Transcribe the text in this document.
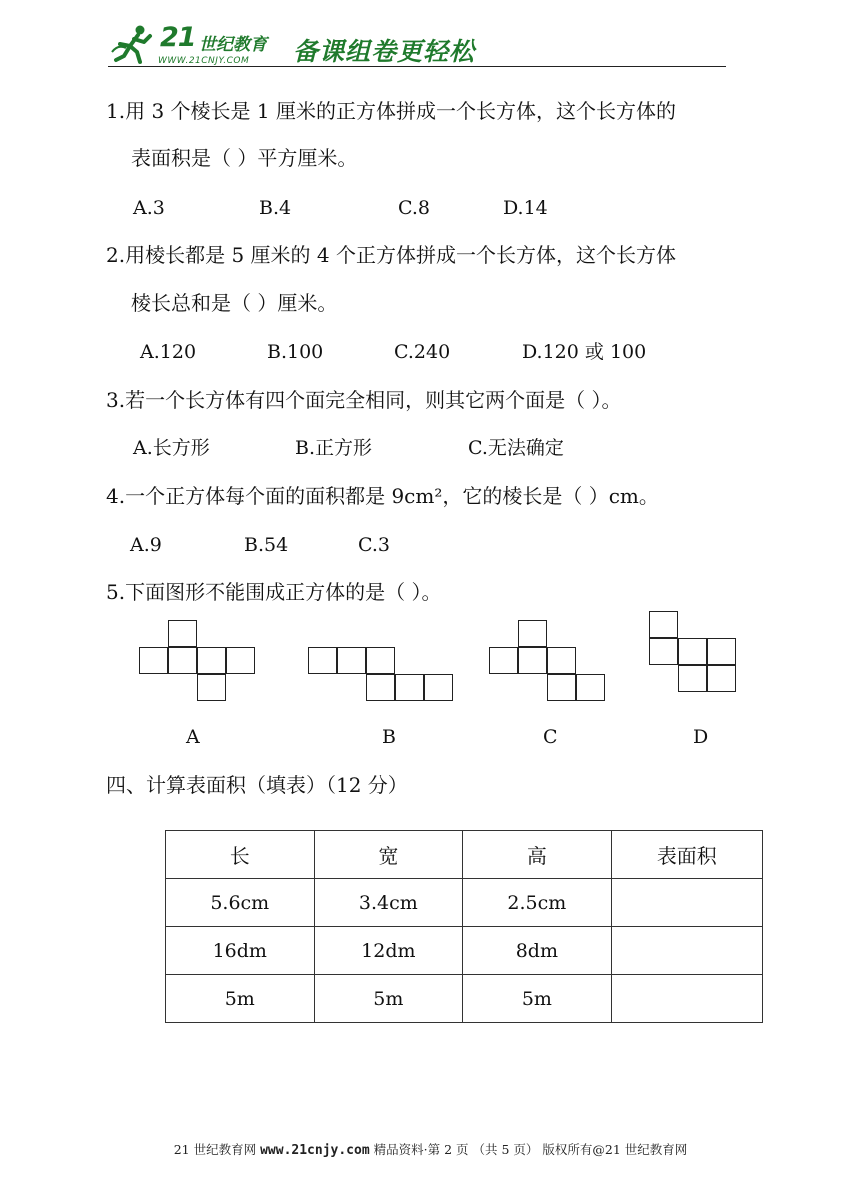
21 世纪教育
WWW.21CNJY.COM 备课组卷更轻松
1.用 3 个棱长是 1 厘米的正方体拼成一个长方体，这个长方体的
表面积是（ ）平方厘米。
A.3	B.4	C.8	D.14
2.用棱长都是 5 厘米的 4 个正方体拼成一个长方体，这个长方体
棱长总和是（ ）厘米。
A.120	B.100	C.240	D.120 或 100
3.若一个长方体有四个面完全相同，则其它两个面是（ ）。
A.长方形	B.正方形	C.无法确定
4.一个正方体每个面的面积都是 9cm²，它的棱长是（ ）cm。
A.9	B.54	C.3
5.下面图形不能围成正方体的是（ ）。
A	B	C	D
四、计算表面积（填表）（12 分）
长	宽	高	表面积
5.6cm	3.4cm	2.5cm	
16dm	12dm	8dm	
5m	5m	5m	
21 世纪教育网 www.21cnjy.com 精品资料·第 2 页 （共 5 页） 版权所有@21 世纪教育网
